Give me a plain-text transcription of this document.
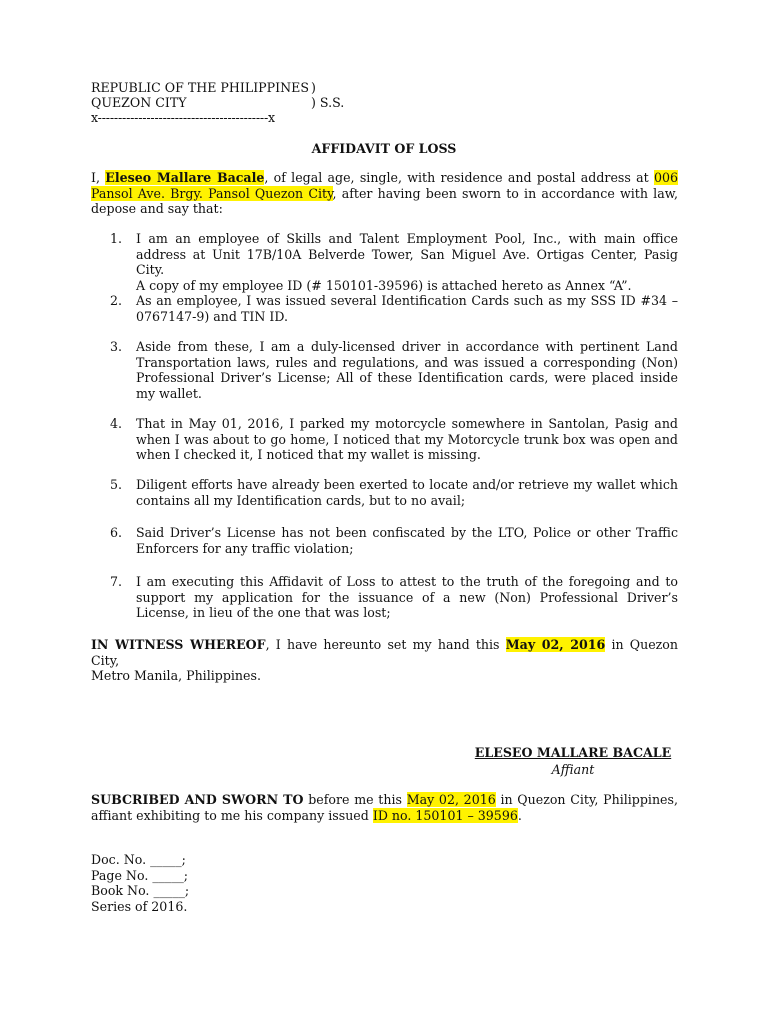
REPUBLIC OF THE PHILIPPINES )
QUEZON CITY	) S.S.
x------------------------------------------x
AFFIDAVIT OF LOSS
I, Eleseo Mallare Bacale, of legal age, single, with residence and postal address at 006
Pansol Ave. Brgy. Pansol Quezon City, after having been sworn to in accordance with law,
depose and say that:
1. I am an employee of Skills and Talent Employment Pool, Inc., with main office
address at Unit 17B/10A Belverde Tower, San Miguel Ave. Ortigas Center, Pasig City.
A copy of my employee ID (# 150101-39596) is attached hereto as Annex “A”.
2. As an employee, I was issued several Identification Cards such as my SSS ID #34 –
0767147-9) and TIN ID.
3. Aside from these, I am a duly-licensed driver in accordance with pertinent Land
Transportation laws, rules and regulations, and was issued a corresponding (Non)
Professional Driver’s License; All of these Identification cards, were placed inside
my wallet.
4. That in May 01, 2016, I parked my motorcycle somewhere in Santolan, Pasig and
when I was about to go home, I noticed that my Motorcycle trunk box was open and
when I checked it, I noticed that my wallet is missing.
5. Diligent efforts have already been exerted to locate and/or retrieve my wallet which
contains all my Identification cards, but to no avail;
6. Said Driver’s License has not been confiscated by the LTO, Police or other Traffic
Enforcers for any traffic violation;
7. I am executing this Affidavit of Loss to attest to the truth of the foregoing and to
support my application for the issuance of a new (Non) Professional Driver’s
License, in lieu of the one that was lost;
IN WITNESS WHEREOF, I have hereunto set my hand this May 02, 2016 in Quezon City,
Metro Manila, Philippines.
ELESEO MALLARE BACALE
Affiant
SUBCRIBED AND SWORN TO before me this May 02, 2016 in Quezon City, Philippines,
affiant exhibiting to me his company issued ID no. 150101 – 39596.
Doc. No. _____;
Page No. _____;
Book No. _____;
Series of 2016.
